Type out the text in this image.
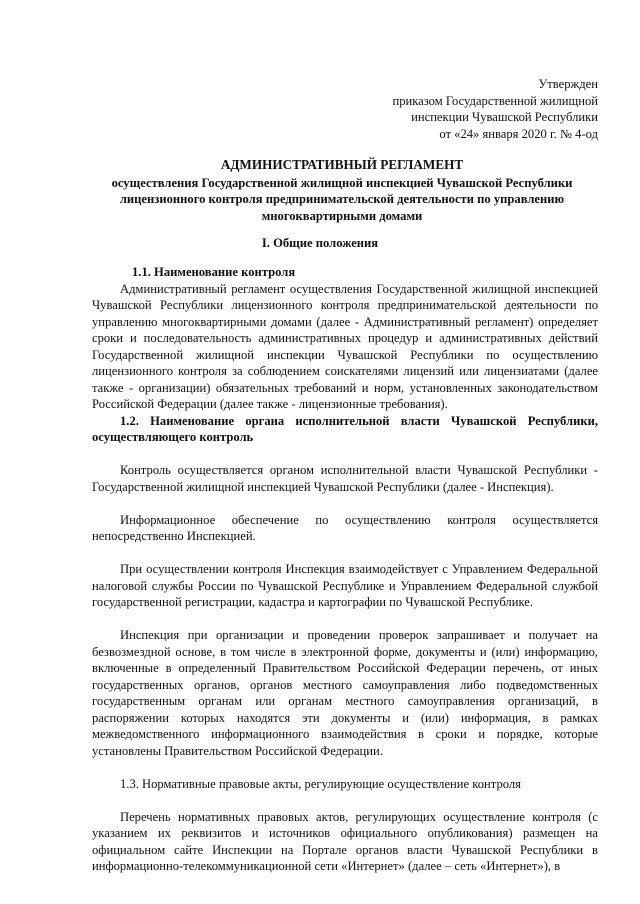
Утвержден
приказом Государственной жилищной
инспекции Чувашской Республики
от «24» января 2020 г. № 4-од
АДМИНИСТРАТИВНЫЙ РЕГЛАМЕНТ
осуществления Государственной жилищной инспекцией Чувашской Республики лицензионного контроля предпринимательской деятельности по управлению многоквартирными домами
I. Общие положения

1.1. Наименование контроля

Административный регламент осуществления Государственной жилищной инспекцией Чувашской Республики лицензионного контроля предпринимательской деятельности по управлению многоквартирными домами (далее - Административный регламент) определяет сроки и последовательность административных процедур и административных действий Государственной жилищной инспекции Чувашской Республики по осуществлению лицензионного контроля за соблюдением соискателями лицензий или лицензиатами (далее также - организации) обязательных требований и норм, установленных законодательством Российской Федерации (далее также - лицензионные требования).

1.2. Наименование органа исполнительной власти Чувашской Республики, осуществляющего контроль

Контроль осуществляется органом исполнительной власти Чувашской Республики - Государственной жилищной инспекцией Чувашской Республики (далее - Инспекция).

Информационное обеспечение по осуществлению контроля осуществляется непосредственно Инспекцией.

При осуществлении контроля Инспекция взаимодействует с Управлением Федеральной налоговой службы России по Чувашской Республике и Управлением Федеральной службой государственной регистрации, кадастра и картографии по Чувашской Республике.

Инспекция при организации и проведении проверок запрашивает и получает на безвозмездной основе, в том числе в электронной форме, документы и (или) информацию, включенные в определенный Правительством Российской Федерации перечень, от иных государственных органов, органов местного самоуправления либо подведомственных государственным органам или органам местного самоуправления организаций, в распоряжении которых находятся эти документы и (или) информация, в рамках межведомственного информационного взаимодействия в сроки и порядке, которые установлены Правительством Российской Федерации.

1.3. Нормативные правовые акты, регулирующие осуществление контроля

Перечень нормативных правовых актов, регулирующих осуществление контроля (с указанием их реквизитов и источников официального опубликования) размещен на официальном сайте Инспекции на Портале органов власти Чувашской Республики в информационно-телекоммуникационной сети «Интернет» (далее – сеть «Интернет»), в
